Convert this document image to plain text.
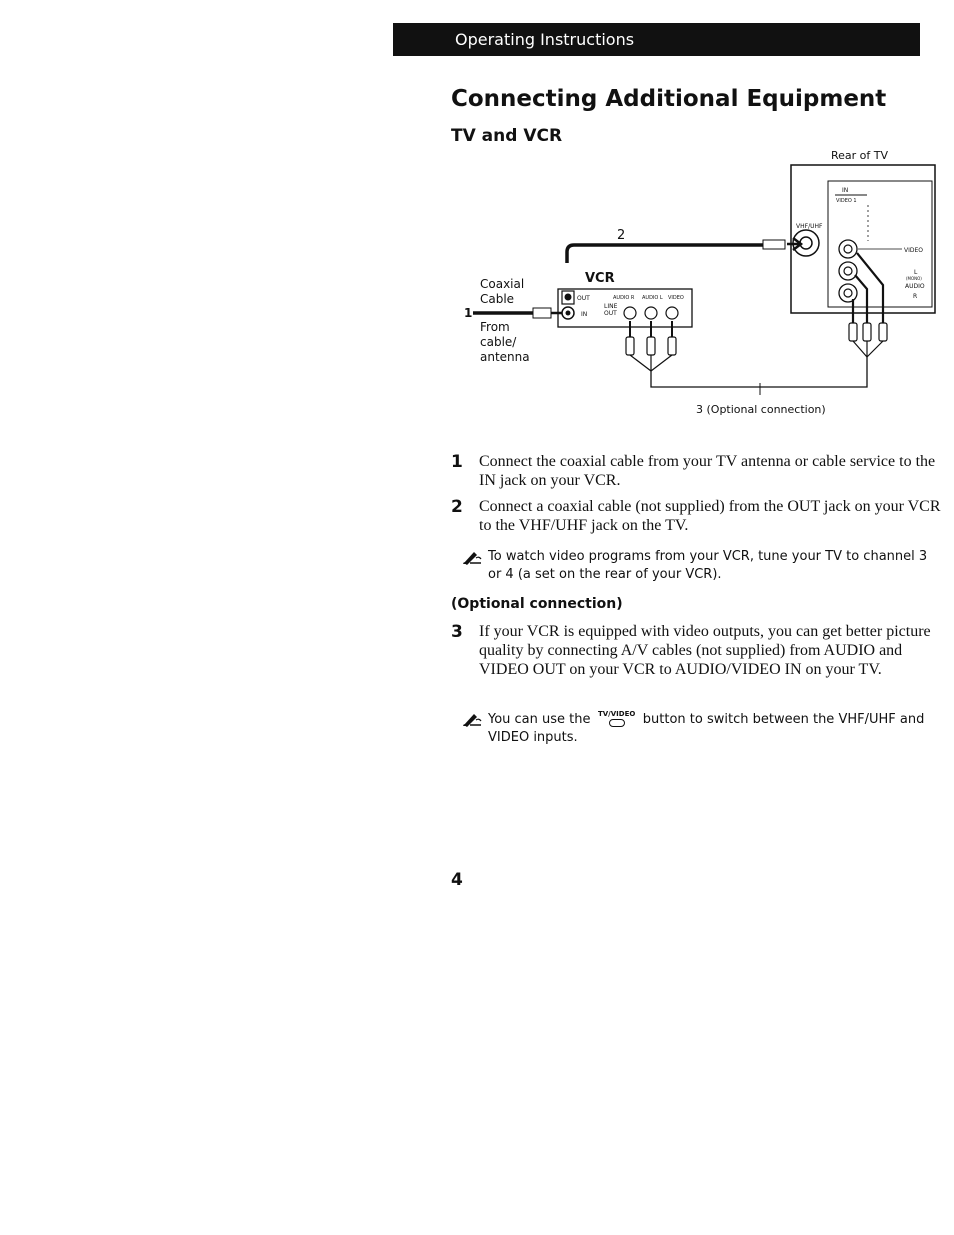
Operating Instructions
Connecting Additional Equipment
TV and VCR
Rear of TV
IN
VIDEO 1
VHF/UHF
VIDEO
L
(MONO)
AUDIO
R
2
VCR
OUT
IN
AUDIO R AUDIO L VIDEO
LINE
OUT
1
Coaxial
Cable
From
cable/
antenna
3 (Optional connection)
1 Connect the coaxial cable from your TV antenna or cable service to the IN jack on your VCR.
2 Connect a coaxial cable (not supplied) from the OUT jack on your VCR to the VHF/UHF jack on the TV.
To watch video programs from your VCR, tune your TV to channel 3 or 4 (a set on the rear of your VCR).
(Optional connection)
3 If your VCR is equipped with video outputs, you can get better picture quality by connecting A/V cables (not supplied) from AUDIO and VIDEO OUT on your VCR to AUDIO/VIDEO IN on your TV.
You can use the TV/VIDEO button to switch between the VHF/UHF and VIDEO inputs.
4
